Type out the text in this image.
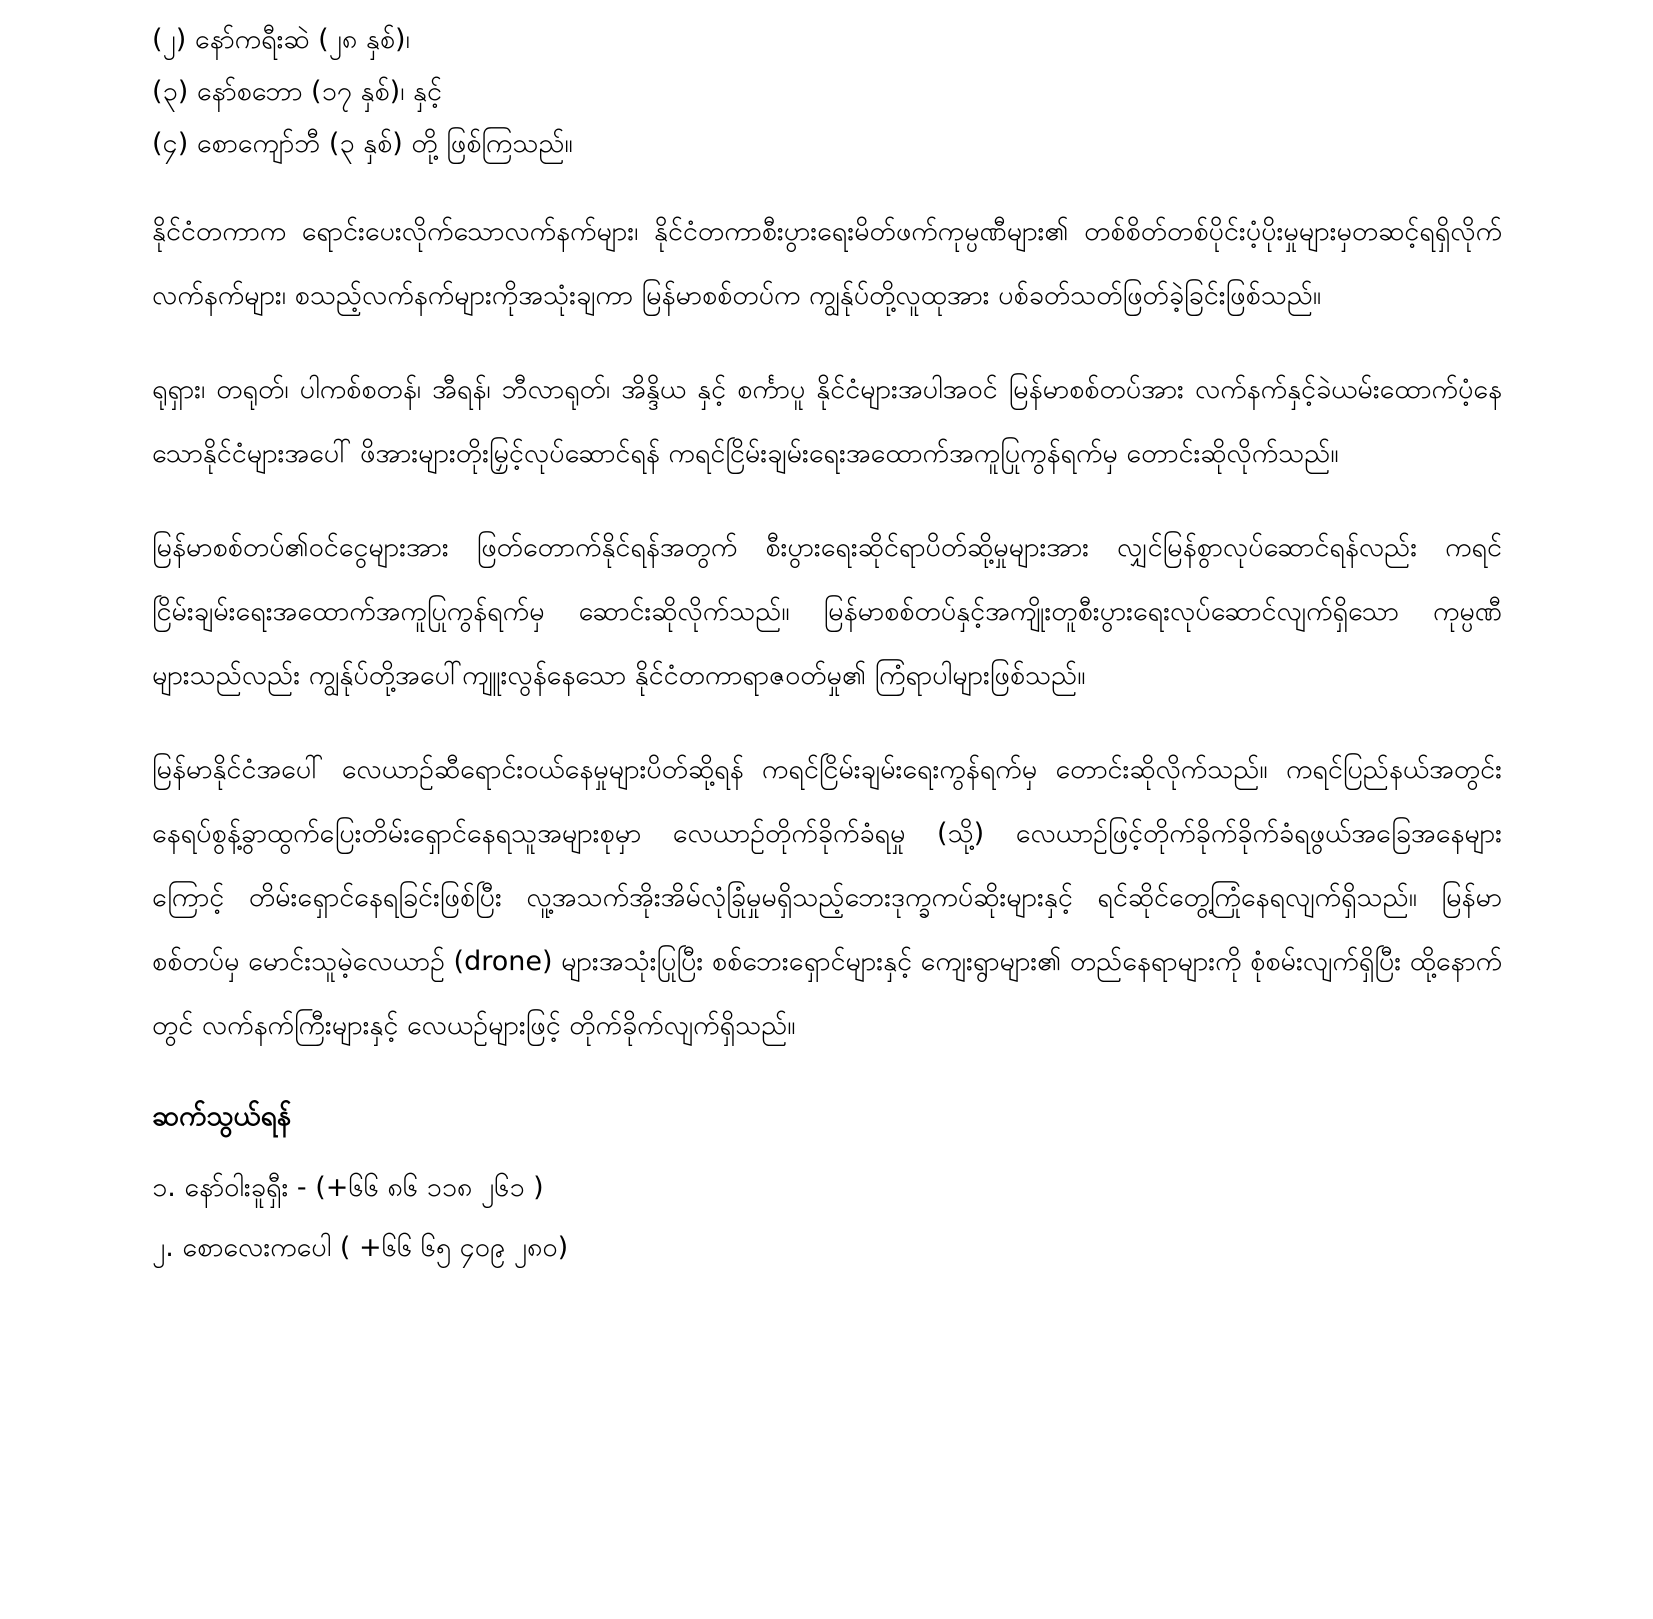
(၂) နော်ကရီးဆဲ (၂၈ နှစ်)၊
(၃) နော်စဘော (၁၇ နှစ်)၊ နှင့်
(၄) စောကျော်ဘီ (၃ နှစ်) တို့ ဖြစ်ကြသည်။

နိုင်ငံတကာက ရောင်းပေးလိုက်သောလက်နက်များ၊ နိုင်ငံတကာစီးပွားရေးမိတ်ဖက်ကုမ္ပဏီများ၏ တစ်စိတ်တစ်ပိုင်းပံ့ပိုးမှုများမှတဆင့်ရရှိလိုက်လက်နက်များ၊ စသည့်လက်နက်များကိုအသုံးချကာ မြန်မာစစ်တပ်က ကျွန်ုပ်တို့လူထုအား ပစ်ခတ်သတ်ဖြတ်ခဲ့ခြင်းဖြစ်သည်။

ရုရှား၊ တရုတ်၊ ပါကစ်စတန်၊ အီရန်၊ ဘီလာရုတ်၊ အိန္ဒိယ နှင့် စင်္ကာပူ နိုင်ငံများအပါအဝင် မြန်မာစစ်တပ်အား လက်နက်နှင့်ခဲယမ်းထောက်ပံ့နေသောနိုင်ငံများအပေါ် ဖိအားများတိုးမြှင့်လုပ်ဆောင်ရန် ကရင်ငြိမ်းချမ်းရေးအထောက်အကူပြုကွန်ရက်မှ တောင်းဆိုလိုက်သည်။

မြန်မာစစ်တပ်၏ဝင်ငွေများအား ဖြတ်တောက်နိုင်ရန်အတွက် စီးပွားရေးဆိုင်ရာပိတ်ဆို့မှုများအား လျှင်မြန်စွာလုပ်ဆောင်ရန်လည်း ကရင်ငြိမ်းချမ်းရေးအထောက်အကူပြုကွန်ရက်မှ ဆောင်းဆိုလိုက်သည်။ မြန်မာစစ်တပ်နှင့်အကျိုးတူစီးပွားရေးလုပ်ဆောင်လျက်ရှိသော ကုမ္ပဏီများသည်လည်း ကျွန်ုပ်တို့အပေါ်ကျူးလွန်နေသော နိုင်ငံတကာရာဇဝတ်မှု၏ ကြံရာပါများဖြစ်သည်။

မြန်မာနိုင်ငံအပေါ် လေယာဉ်ဆီရောင်းဝယ်နေမှုများပိတ်ဆို့ရန် ကရင်ငြိမ်းချမ်းရေးကွန်ရက်မှ တောင်းဆိုလိုက်သည်။ ကရင်ပြည်နယ်အတွင်း နေရပ်စွန့်ခွာထွက်ပြေးတိမ်းရှောင်နေရသူအများစုမှာ လေယာဉ်တိုက်ခိုက်ခံရမှု (သို့) လေယာဉ်ဖြင့်တိုက်ခိုက်ခိုက်ခံရဖွယ်အခြေအနေများကြောင့် တိမ်းရှောင်နေရခြင်းဖြစ်ပြီး လူ့အသက်အိုးအိမ်လုံခြုံမှုမရှိသည့်ဘေးဒုက္ခကပ်ဆိုးများနှင့် ရင်ဆိုင်တွေ့ကြုံနေရလျက်ရှိသည်။ မြန်မာစစ်တပ်မှ မောင်းသူမဲ့လေယာဉ် (drone) များအသုံးပြုပြီး စစ်ဘေးရှောင်များနှင့် ကျေးရွာများ၏ တည်နေရာများကို စုံစမ်းလျက်ရှိပြီး ထို့နောက်တွင် လက်နက်ကြီးများနှင့် လေယဉ်များဖြင့် တိုက်ခိုက်လျက်ရှိသည်။

ဆက်သွယ်ရန်
၁. နော်ဝါးခူရှီး - (+၆၆ ၈၆ ၁၁၈ ၂၆၁ )
၂. စောလေးကပေါ ( +၆၆ ၆၅ ၄၀၉ ၂၈၀)
